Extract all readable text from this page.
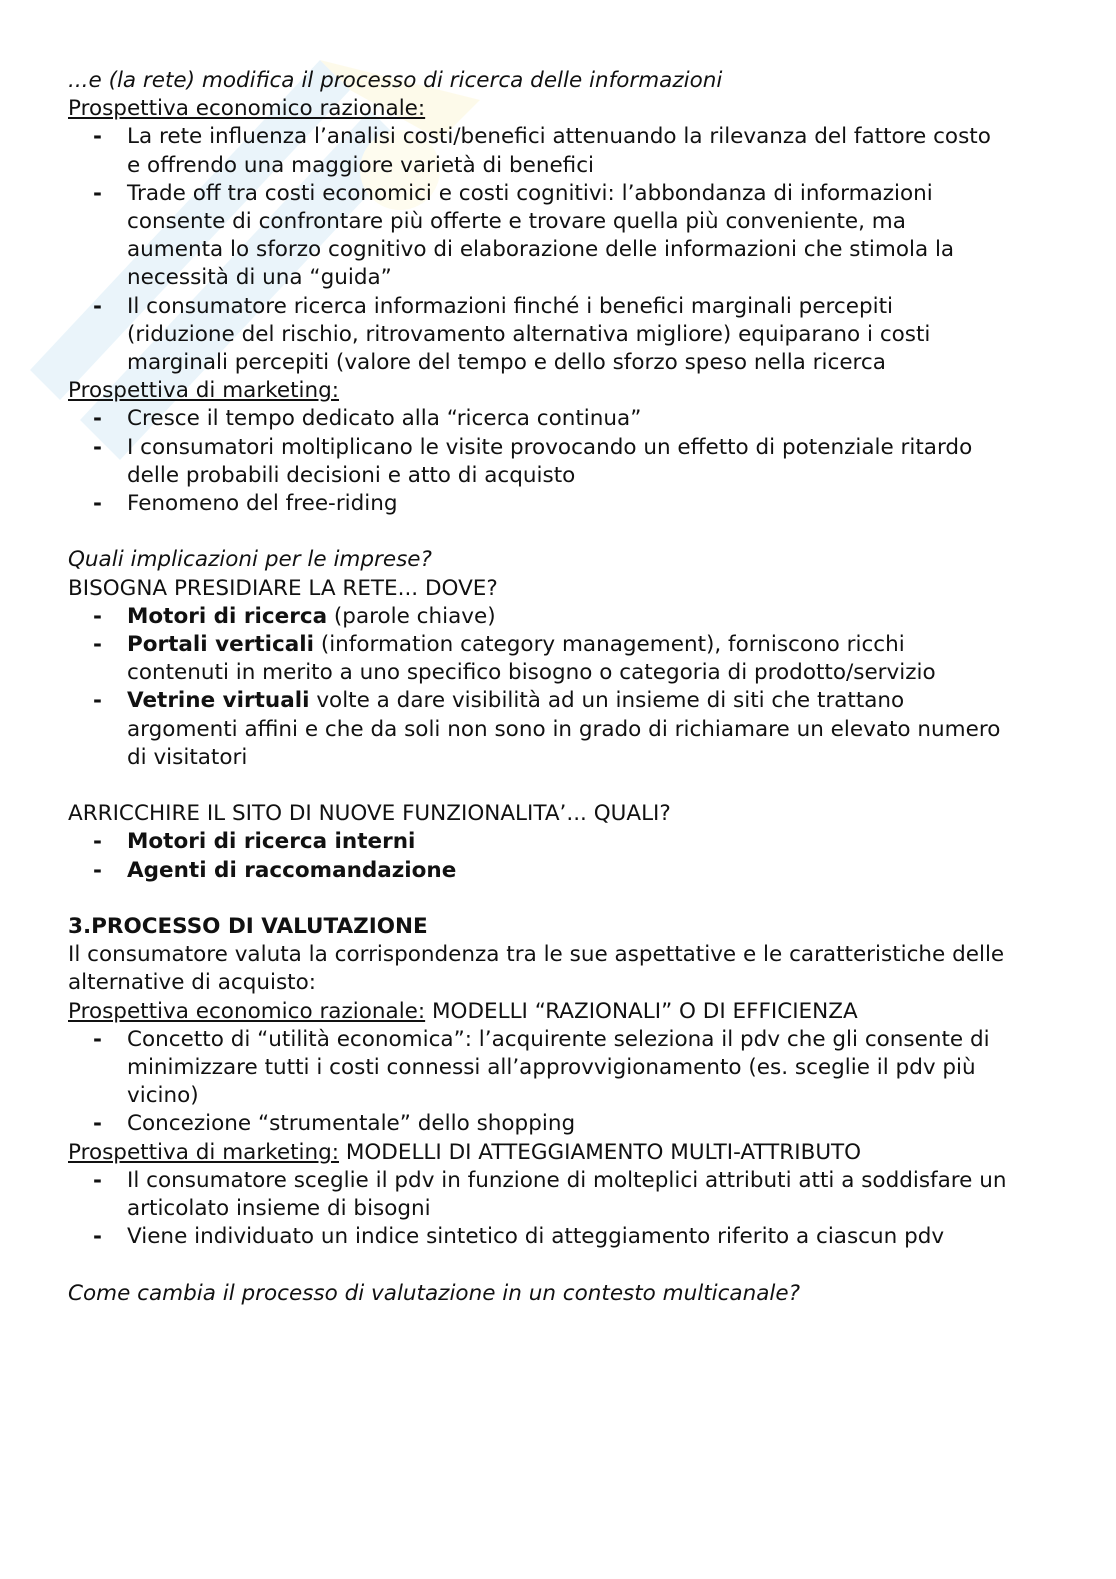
...e (la rete) modifica il processo di ricerca delle informazioni

Prospettiva economico razionale:

- La rete influenza l’analisi costi/benefici attenuando la rilevanza del fattore costo
e offrendo una maggiore varietà di benefici
- Trade off tra costi economici e costi cognitivi: l’abbondanza di informazioni
consente di confrontare più offerte e trovare quella più conveniente, ma
aumenta lo sforzo cognitivo di elaborazione delle informazioni che stimola la
necessità di una “guida”
- Il consumatore ricerca informazioni finché i benefici marginali percepiti
(riduzione del rischio, ritrovamento alternativa migliore) equiparano i costi
marginali percepiti (valore del tempo e dello sforzo speso nella ricerca

Prospettiva di marketing:

- Cresce il tempo dedicato alla “ricerca continua”
- I consumatori moltiplicano le visite provocando un effetto di potenziale ritardo
delle probabili decisioni e atto di acquisto
- Fenomeno del free-riding

Quali implicazioni per le imprese?

BISOGNA PRESIDIARE LA RETE... DOVE?

- Motori di ricerca (parole chiave)
- Portali verticali (information category management), forniscono ricchi
contenuti in merito a uno specifico bisogno o categoria di prodotto/servizio
- Vetrine virtuali volte a dare visibilità ad un insieme di siti che trattano
argomenti affini e che da soli non sono in grado di richiamare un elevato numero
di visitatori

ARRICCHIRE IL SITO DI NUOVE FUNZIONALITA’... QUALI?

- Motori di ricerca interni
- Agenti di raccomandazione

3.PROCESSO DI VALUTAZIONE

Il consumatore valuta la corrispondenza tra le sue aspettative e le caratteristiche delle
alternative di acquisto:

Prospettiva economico razionale: MODELLI “RAZIONALI” O DI EFFICIENZA

- Concetto di “utilità economica”: l’acquirente seleziona il pdv che gli consente di
minimizzare tutti i costi connessi all’approvvigionamento (es. sceglie il pdv più
vicino)
- Concezione “strumentale” dello shopping

Prospettiva di marketing: MODELLI DI ATTEGGIAMENTO MULTI-ATTRIBUTO

- Il consumatore sceglie il pdv in funzione di molteplici attributi atti a soddisfare un
articolato insieme di bisogni
- Viene individuato un indice sintetico di atteggiamento riferito a ciascun pdv

Come cambia il processo di valutazione in un contesto multicanale?
